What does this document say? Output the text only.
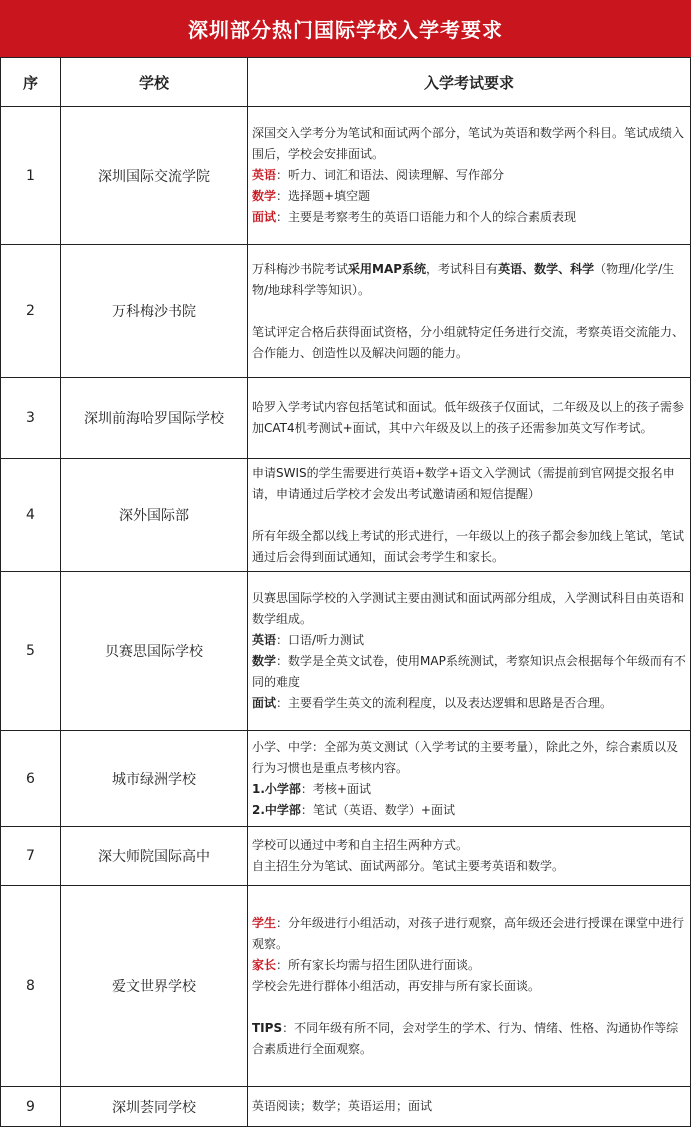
深圳部分热门国际学校入学考要求
序	学校	入学考试要求
1	深圳国际交流学院	深国交入学考分为笔试和面试两个部分，笔试为英语和数学两个科目。笔试成绩入围后，学校会安排面试。

英语：听力、词汇和语法、阅读理解、写作部分

数学：选择题+填空题

面试：主要是考察考生的英语口语能力和个人的综合素质表现

2	万科梅沙书院	万科梅沙书院考试采用MAP系统，考试科目有英语、数学、科学（物理/化学/生物/地球科学等知识）。

笔试评定合格后获得面试资格，分小组就特定任务进行交流，考察英语交流能力、合作能力、创造性以及解决问题的能力。

3	深圳前海哈罗国际学校	哈罗入学考试内容包括笔试和面试。低年级孩子仅面试，二年级及以上的孩子需参加CAT4机考测试+面试，其中六年级及以上的孩子还需参加英文写作考试。

4	深外国际部	申请SWIS的学生需要进行英语+数学+语文入学测试（需提前到官网提交报名申请，申请通过后学校才会发出考试邀请函和短信提醒）

所有年级全都以线上考试的形式进行，一年级以上的孩子都会参加线上笔试，笔试通过后会得到面试通知，面试会考学生和家长。

5	贝赛思国际学校	贝赛思国际学校的入学测试主要由测试和面试两部分组成，入学测试科目由英语和数学组成。

英语：口语/听力测试

数学：数学是全英文试卷，使用MAP系统测试，考察知识点会根据每个年级而有不同的难度

面试：主要看学生英文的流利程度，以及表达逻辑和思路是否合理。

6	城市绿洲学校	小学、中学：全部为英文测试（入学考试的主要考量），除此之外，综合素质以及行为习惯也是重点考核内容。

1.小学部：考核+面试

2.中学部：笔试（英语、数学）+面试

7	深大师院国际高中	学校可以通过中考和自主招生两种方式。

自主招生分为笔试、面试两部分。笔试主要考英语和数学。

8	爱文世界学校	学生：分年级进行小组活动，对孩子进行观察，高年级还会进行授课在课堂中进行观察。

家长：所有家长均需与招生团队进行面谈。

学校会先进行群体小组活动，再安排与所有家长面谈。

TIPS：不同年级有所不同，会对学生的学术、行为、情绪、性格、沟通协作等综合素质进行全面观察。

9	深圳荟同学校	英语阅读；数学；英语运用；面试
